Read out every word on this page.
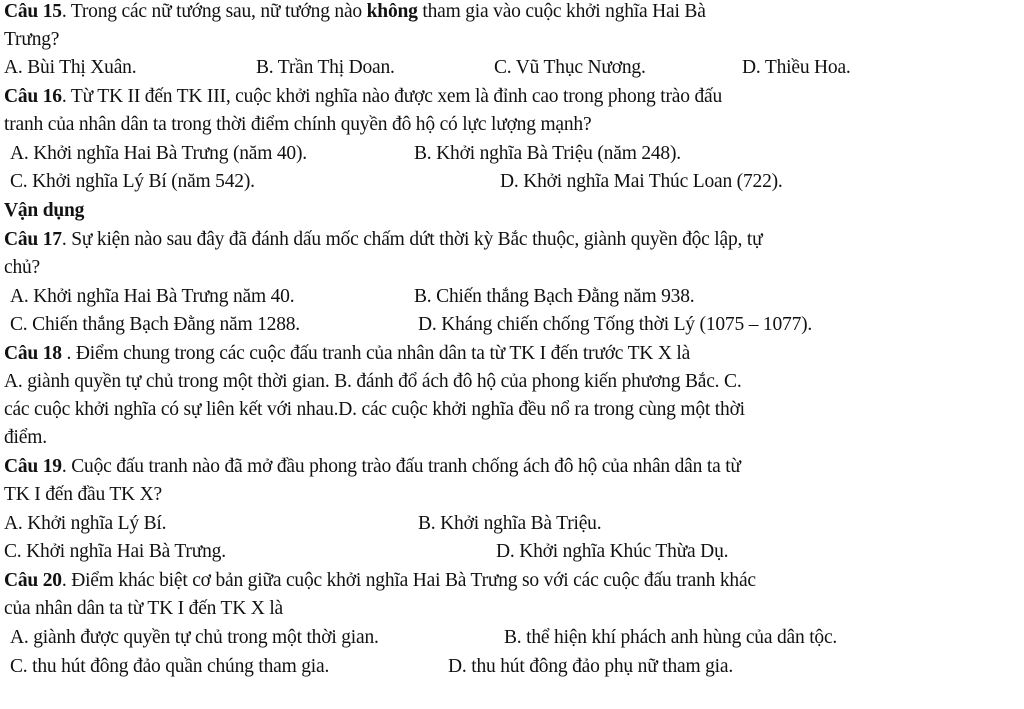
Câu 15. Trong các nữ tướng sau, nữ tướng nào không tham gia vào cuộc khởi nghĩa Hai Bà
Trưng?
A. Bùi Thị Xuân.	B. Trần Thị Doan.	C. Vũ Thục Nương.	D. Thiều Hoa.
Câu 16. Từ TK II đến TK III, cuộc khởi nghĩa nào được xem là đỉnh cao trong phong trào đấu
tranh của nhân dân ta trong thời điểm chính quyền đô hộ có lực lượng mạnh?
A. Khởi nghĩa Hai Bà Trưng (năm 40).	B. Khởi nghĩa Bà Triệu (năm 248).
C. Khởi nghĩa Lý Bí (năm 542).	D. Khởi nghĩa Mai Thúc Loan (722).
Vận dụng
Câu 17. Sự kiện nào sau đây đã đánh dấu mốc chấm dứt thời kỳ Bắc thuộc, giành quyền độc lập, tự
chủ?
A. Khởi nghĩa Hai Bà Trưng năm 40.	B. Chiến thắng Bạch Đằng năm 938.
C. Chiến thắng Bạch Đằng năm 1288.	D. Kháng chiến chống Tống thời Lý (1075 – 1077).
Câu 18 . Điểm chung trong các cuộc đấu tranh của nhân dân ta từ TK I đến trước TK X là
A. giành quyền tự chủ trong một thời gian. B. đánh đổ ách đô hộ của phong kiến phương Bắc. C.
các cuộc khởi nghĩa có sự liên kết với nhau.D. các cuộc khởi nghĩa đều nổ ra trong cùng một thời
điểm.
Câu 19. Cuộc đấu tranh nào đã mở đầu phong trào đấu tranh chống ách đô hộ của nhân dân ta từ
TK I đến đầu TK X?
A. Khởi nghĩa Lý Bí.	B. Khởi nghĩa Bà Triệu.
C. Khởi nghĩa Hai Bà Trưng.	D. Khởi nghĩa Khúc Thừa Dụ.
Câu 20. Điểm khác biệt cơ bản giữa cuộc khởi nghĩa Hai Bà Trưng so với các cuộc đấu tranh khác
của nhân dân ta từ TK I đến TK X là
A. giành được quyền tự chủ trong một thời gian.	B. thể hiện khí phách anh hùng của dân tộc.
C. thu hút đông đảo quần chúng tham gia.	D. thu hút đông đảo phụ nữ tham gia.
